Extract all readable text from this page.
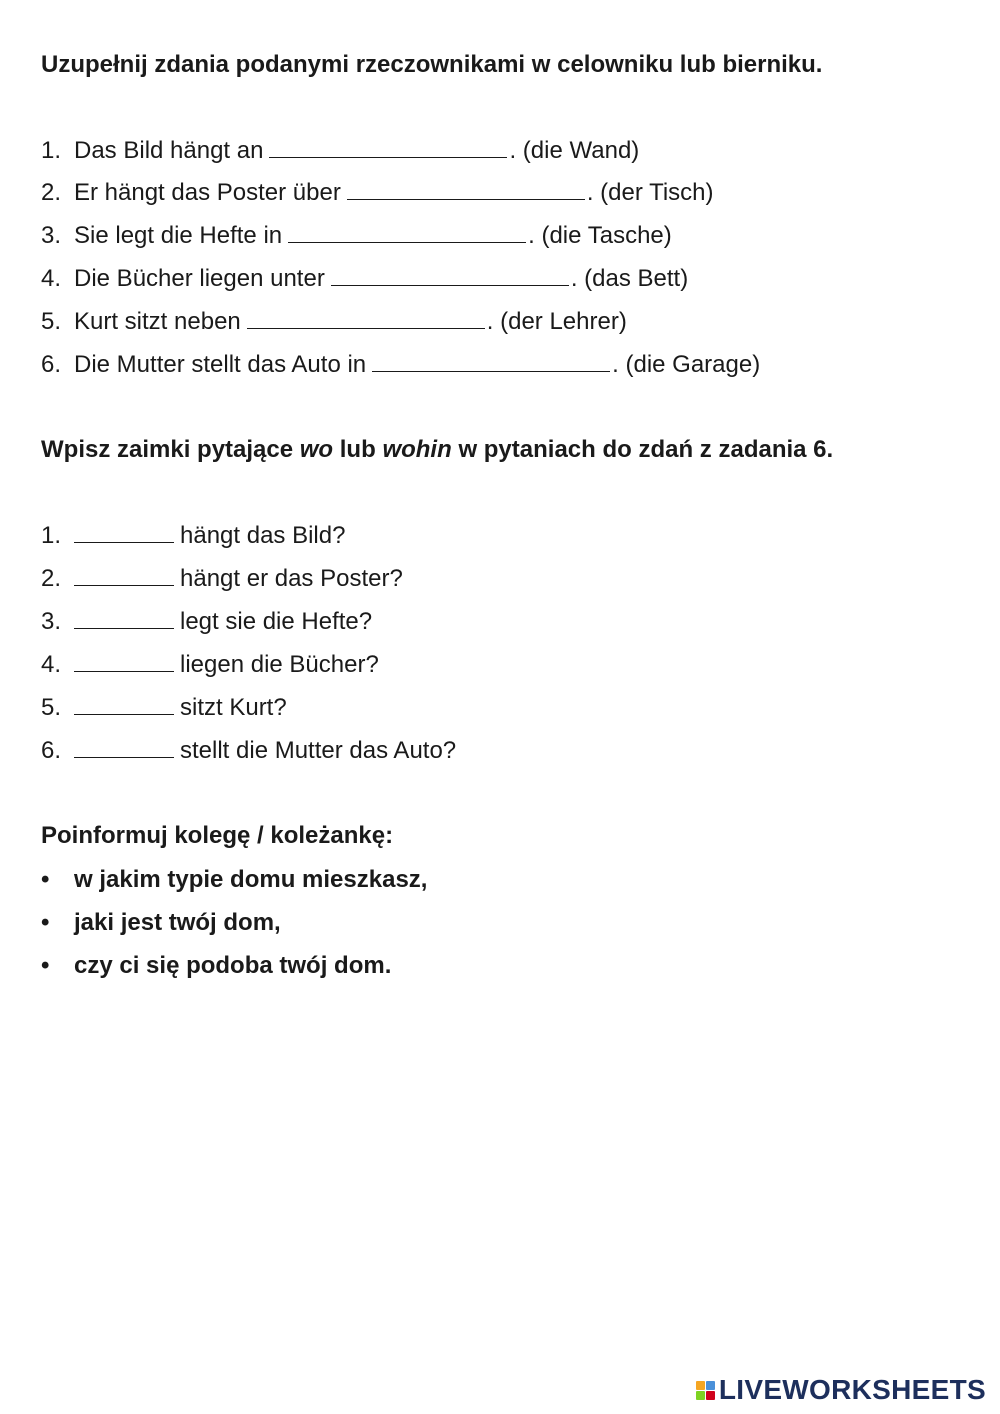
Uzupełnij zdania podanymi rzeczownikami w celowniku lub bierniku.
1. Das Bild hängt an	. (die Wand)
2. Er hängt das Poster über	. (der Tisch)
3. Sie legt die Hefte in	. (die Tasche)
4. Die Bücher liegen unter	. (das Bett)
5. Kurt sitzt neben	. (der Lehrer)
6. Die Mutter stellt das Auto in	. (die Garage)
Wpisz zaimki pytające wo lub wohin w pytaniach do zdań z zadania 6.
1.	hängt das Bild?
2.	hängt er das Poster?
3.	legt sie die Hefte?
4.	liegen die Bücher?
5.	sitzt Kurt?
6.	stellt die Mutter das Auto?
Poinformuj kolegę / koleżankę:
•	w jakim typie domu mieszkasz,
•	jaki jest twój dom,
•	czy ci się podoba twój dom.
LIVEWORKSHEETS
